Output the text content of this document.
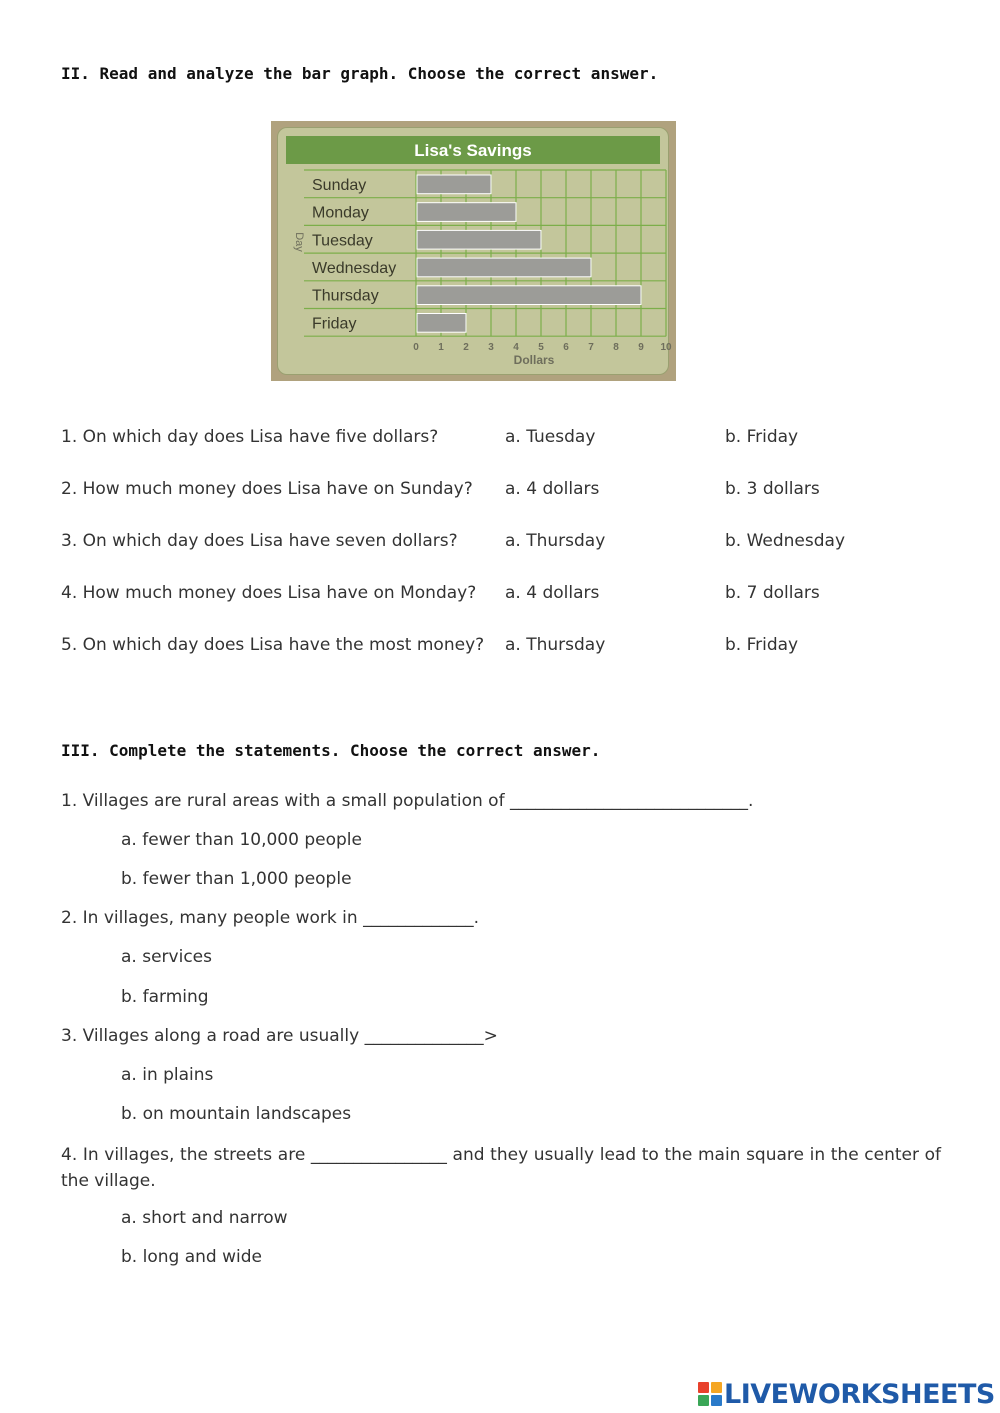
II. Read and analyze the bar graph. Choose the correct answer.
Lisa's Savings
Sunday
Monday
Tuesday
Wednesday
Thursday
Friday
0 1 2 3 4 5 6 7 8 9 10
Dollars
Day
1. On which day does Lisa have five dollars?	a. Tuesday	b. Friday
2. How much money does Lisa have on Sunday? a. 4 dollars	b. 3 dollars
3. On which day does Lisa have seven dollars?	a. Thursday	b. Wednesday
4. How much money does Lisa have on Monday? a. 4 dollars	b. 7 dollars
5. On which day does Lisa have the most money? a. Thursday	b. Friday
III. Complete the statements. Choose the correct answer.
1. Villages are rural areas with a small population of ____________________________.
a. fewer than 10,000 people
b. fewer than 1,000 people
2. In villages, many people work in _____________.
a. services
b. farming
3. Villages along a road are usually ______________>
a. in plains
b. on mountain landscapes
4. In villages, the streets are ________________ and they usually lead to the main square in the center of the village.
a. short and narrow
b. long and wide
LIVEWORKSHEETS
